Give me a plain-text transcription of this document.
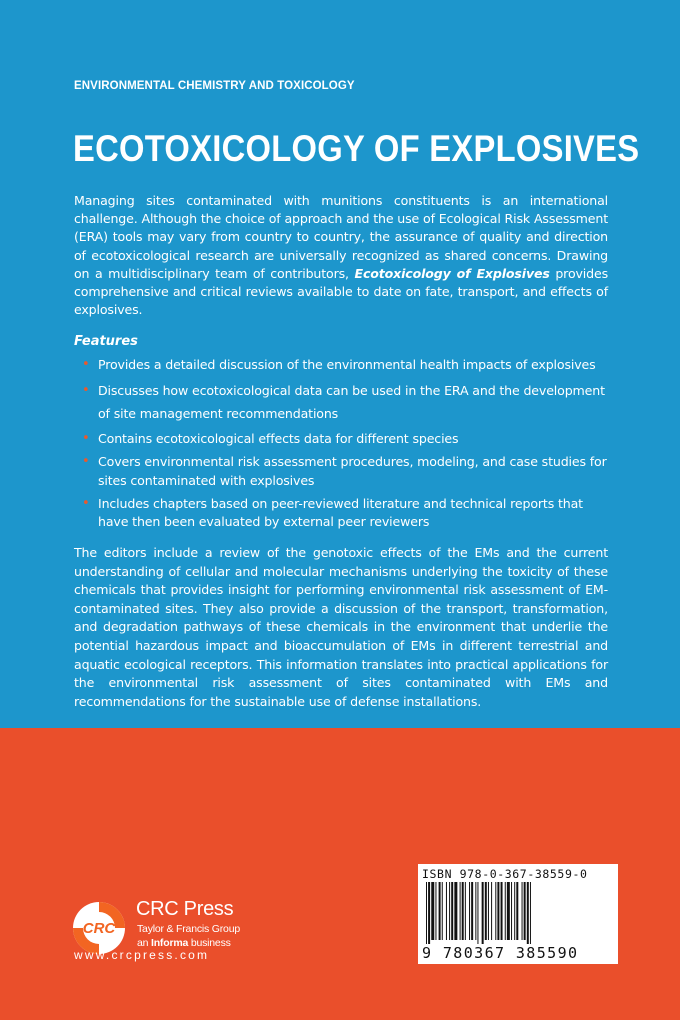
ENVIRONMENTAL CHEMISTRY AND TOXICOLOGY
ECOTOXICOLOGY OF EXPLOSIVES
Managing sites contaminated with munitions constituents is an international challenge. Although the choice of approach and the use of Ecological Risk Assessment (ERA) tools may vary from country to country, the assurance of quality and direction of ecotoxicological research are universally recognized as shared concerns. Drawing on a multidisciplinary team of contributors, Ecotoxicology of Explosives provides comprehensive and critical reviews available to date on fate, transport, and effects of explosives.
Features
• Provides a detailed discussion of the environmental health impacts of explosives
• Discusses how ecotoxicological data can be used in the ERA and the development of site management recommendations
• Contains ecotoxicological effects data for different species
• Covers environmental risk assessment procedures, modeling, and case studies for sites contaminated with explosives
• Includes chapters based on peer-reviewed literature and technical reports that have then been evaluated by external peer reviewers
The editors include a review of the genotoxic effects of the EMs and the current understanding of cellular and molecular mechanisms underlying the toxicity of these chemicals that provides insight for performing environmental risk assessment of EM-contaminated sites. They also provide a discussion of the transport, transformation, and degradation pathways of these chemicals in the environment that underlie the potential hazardous impact and bioaccumulation of EMs in different terrestrial and aquatic ecological receptors. This information translates into practical applications for the environmental risk assessment of sites contaminated with EMs and recommendations for the sustainable use of defense installations.
CRC
CRC Press
Taylor & Francis Group
an Informa business
www.crcpress.com
ISBN 978-0-367-38559-0
9 780367 385590
